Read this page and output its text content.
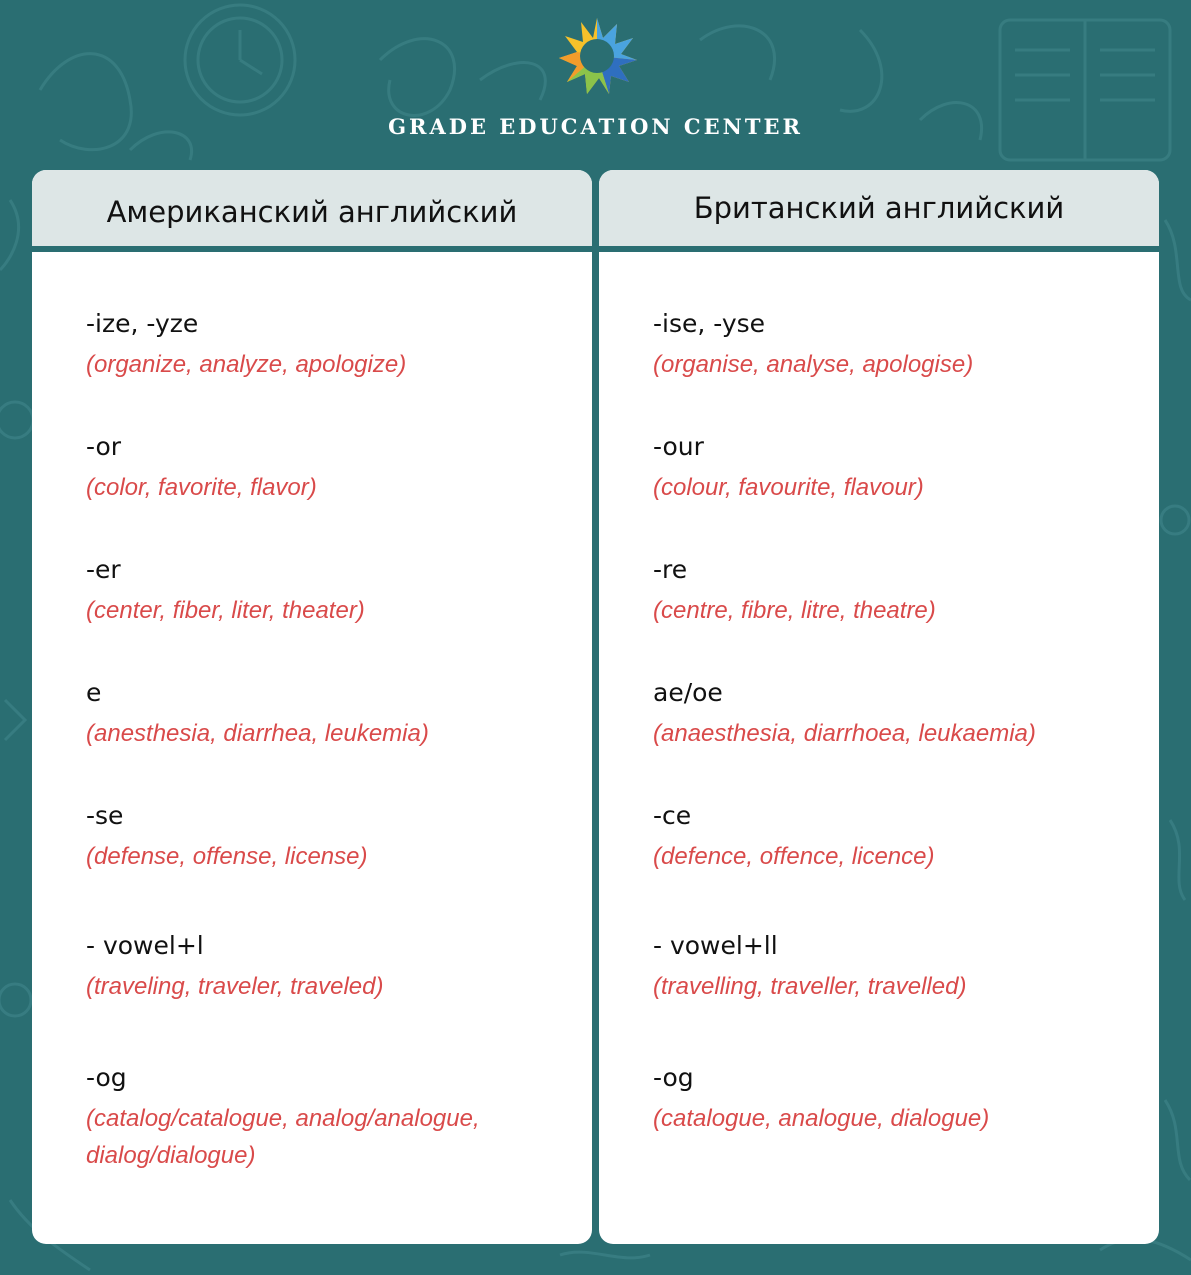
GRADE EDUCATION CENTER
Американский английский
-ize, -yze
(organize, analyze, apologize)
-or
(color, favorite, flavor)
-er
(center, fiber, liter, theater)
e
(anesthesia, diarrhea, leukemia)
-se
(defense, offense, license)
- vowel+l
(traveling, traveler, traveled)
-og
(catalog/catalogue, analog/analogue, dialog/dialogue)
Британский английский
-ise, -yse
(organise, analyse, apologise)
-our
(colour, favourite, flavour)
-re
(centre, fibre, litre, theatre)
ae/oe
(anaesthesia, diarrhoea, leukaemia)
-ce
(defence, offence, licence)
- vowel+ll
(travelling, traveller, travelled)
-og
(catalogue, analogue, dialogue)
